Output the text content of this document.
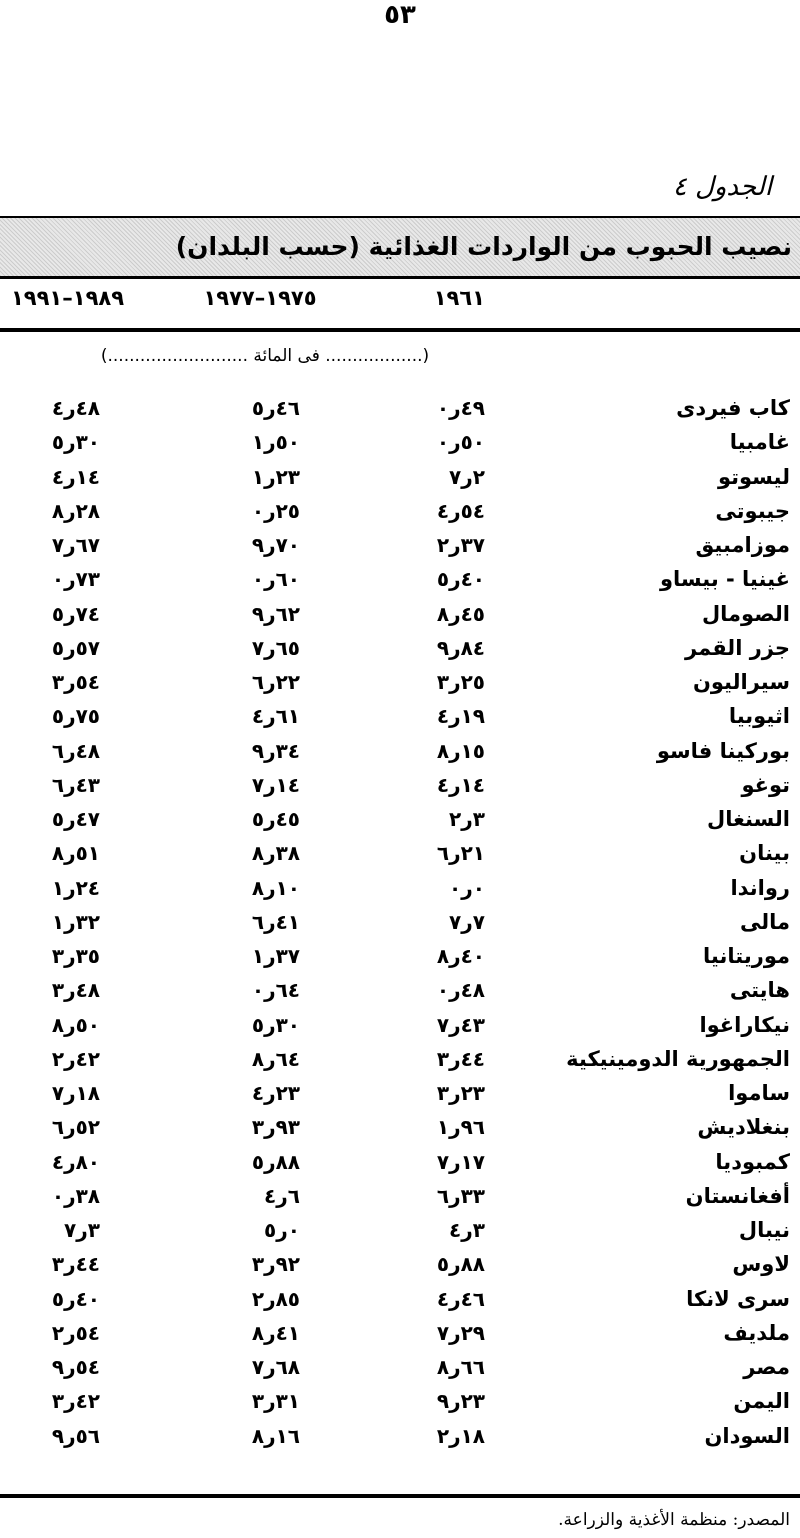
٥٣
الجدول ٤
نصيب الحبوب من الواردات الغذائية (حسب البلدان)
١٩٦١
١٩٧٥–١٩٧٧
١٩٨٩–١٩٩١
(.................. فى المائة ..........................)
كاب فيردى
٤٩ر٠
٤٦ر٥
٤٨ر٤
غامبيا
٥٠ر٠
٥٠ر١
٣٠ر٥
ليسوتو
٢ر٧
٢٣ر١
١٤ر٤
جيبوتى
٥٤ر٤
٢٥ر٠
٢٨ر٨
موزامبيق
٣٧ر٢
٧٠ر٩
٦٧ر٧
غينيا - بيساو
٤٠ر٥
٦٠ر٠
٧٣ر٠
الصومال
٤٥ر٨
٦٢ر٩
٧٤ر٥
جزر القمر
٨٤ر٩
٦٥ر٧
٥٧ر٥
سيراليون
٢٥ر٣
٢٢ر٦
٥٤ر٣
اثيوبيا
١٩ر٤
٦١ر٤
٧٥ر٥
بوركينا فاسو
١٥ر٨
٣٤ر٩
٤٨ر٦
توغو
١٤ر٤
١٤ر٧
٤٣ر٦
السنغال
٣ر٢
٤٥ر٥
٤٧ر٥
بينان
٢١ر٦
٣٨ر٨
٥١ر٨
رواندا
٠ر٠
١٠ر٨
٢٤ر١
مالى
٧ر٧
٤١ر٦
٣٢ر١
موريتانيا
٤٠ر٨
٣٧ر١
٣٥ر٣
هايتى
٤٨ر٠
٦٤ر٠
٤٨ر٣
نيكاراغوا
٤٣ر٧
٣٠ر٥
٥٠ر٨
الجمهورية الدومينيكية
٤٤ر٣
٦٤ر٨
٤٢ر٢
ساموا
٢٣ر٣
٢٣ر٤
١٨ر٧
بنغلاديش
٩٦ر١
٩٣ر٣
٥٢ر٦
كمبوديا
١٧ر٧
٨٨ر٥
٨٠ر٤
أفغانستان
٣٣ر٦
٦ر٤
٣٨ر٠
نيبال
٣ر٤
٠ر٥
٣ر٧
لاوس
٨٨ر٥
٩٢ر٣
٤٤ر٣
سرى لانكا
٤٦ر٤
٨٥ر٢
٤٠ر٥
ملديف
٢٩ر٧
٤١ر٨
٥٤ر٢
مصر
٦٦ر٨
٦٨ر٧
٥٤ر٩
اليمن
٢٣ر٩
٣١ر٣
٤٢ر٣
السودان
١٨ر٢
١٦ر٨
٥٦ر٩
المصدر: منظمة الأغذية والزراعة.
